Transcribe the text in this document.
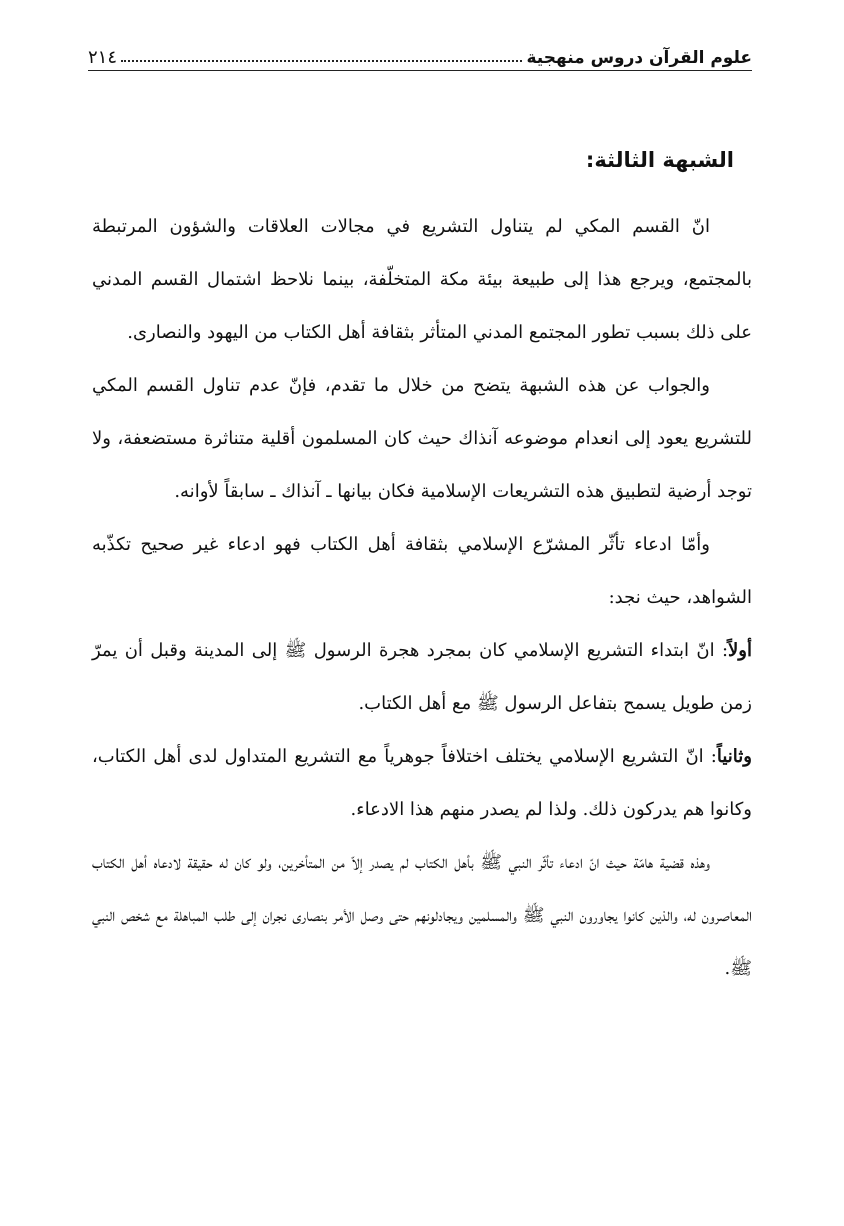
علوم القرآن دروس منهجية
٢١٤
الشبهة الثالثة:

انّ القسم المكي لم يتناول التشريع في مجالات العلاقات والشؤون المرتبطة بالمجتمع، ويرجع هذا إلى طبيعة بيئة مكة المتخلّفة، بينما نلاحظ اشتمال القسم المدني على ذلك بسبب تطور المجتمع المدني المتأثر بثقافة أهل الكتاب من اليهود والنصارى.

والجواب عن هذه الشبهة يتضح من خلال ما تقدم، فإنّ عدم تناول القسم المكي للتشريع يعود إلى انعدام موضوعه آنذاك حيث كان المسلمون أقلية متناثرة مستضعفة، ولا توجد أرضية لتطبيق هذه التشريعات الإسلامية فكان بيانها ـ آنذاك ـ سابقاً لأوانه.

وأمّا ادعاء تأثّر المشرّع الإسلامي بثقافة أهل الكتاب فهو ادعاء غير صحيح تكذّبه الشواهد، حيث نجد:

أولاً: انّ ابتداء التشريع الإسلامي كان بمجرد هجرة الرسول ﷺ إلى المدينة وقبل أن يمرّ زمن طويل يسمح بتفاعل الرسول ﷺ مع أهل الكتاب.

وثانياً: انّ التشريع الإسلامي يختلف اختلافاً جوهرياً مع التشريع المتداول لدى أهل الكتاب، وكانوا هم يدركون ذلك. ولذا لم يصدر منهم هذا الادعاء.

وهذه قضية هامّة حيث انّ ادعاء تأثّر النبي ﷺ بأهل الكتاب لم يصدر إلاّ من المتأخرين، ولو كان له حقيقة لادعاه أهل الكتاب المعاصرون له، والذين كانوا يجاورون النبي ﷺ والمسلمين ويجادلونهم حتى وصل الأمر بنصارى نجران إلى طلب المباهلة مع شخص النبي ﷺ.
